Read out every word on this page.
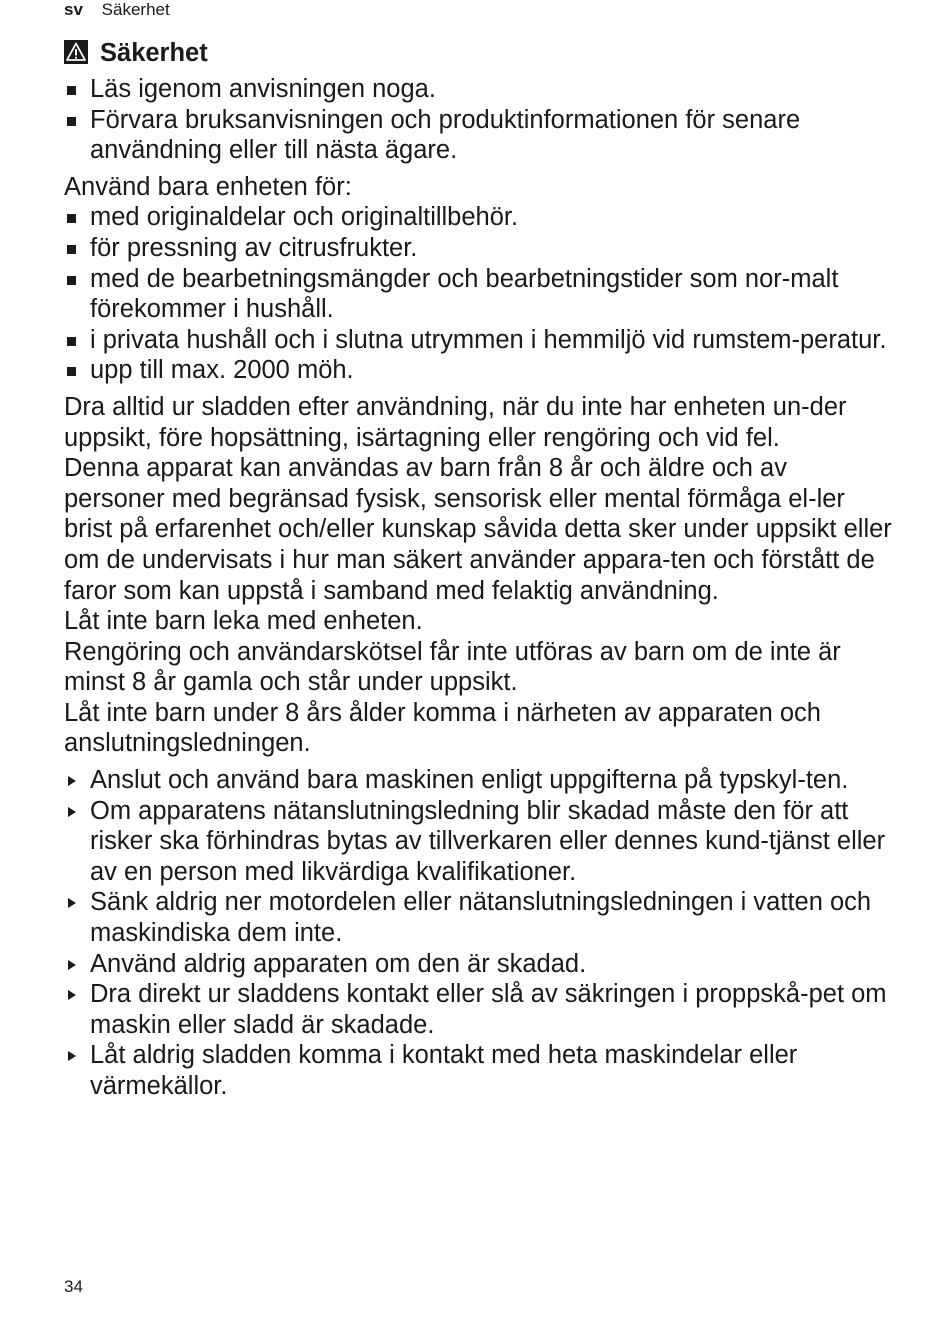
sv Säkerhet
Säkerhet
Läs igenom anvisningen noga.
Förvara bruksanvisningen och produktinformationen för senare användning eller till nästa ägare.

Använd bara enheten för:

med originaldelar och originaltillbehör.
för pressning av citrusfrukter.
med de bearbetningsmängder och bearbetningstider som nor-malt förekommer i hushåll.
i privata hushåll och i slutna utrymmen i hemmiljö vid rumstem-peratur.
upp till max. 2000 möh.

Dra alltid ur sladden efter användning, när du inte har enheten un-der uppsikt, före hopsättning, isärtagning eller rengöring och vid fel.

Denna apparat kan användas av barn från 8 år och äldre och av personer med begränsad fysisk, sensorisk eller mental förmåga el-ler brist på erfarenhet och/eller kunskap såvida detta sker under uppsikt eller om de undervisats i hur man säkert använder appara-ten och förstått de faror som kan uppstå i samband med felaktig användning.

Låt inte barn leka med enheten.

Rengöring och användarskötsel får inte utföras av barn om de inte är minst 8 år gamla och står under uppsikt.

Låt inte barn under 8 års ålder komma i närheten av apparaten och anslutningsledningen.

Anslut och använd bara maskinen enligt uppgifterna på typskyl-ten.
Om apparatens nätanslutningsledning blir skadad måste den för att risker ska förhindras bytas av tillverkaren eller dennes kund-tjänst eller av en person med likvärdiga kvalifikationer.
Sänk aldrig ner motordelen eller nätanslutningsledningen i vatten och maskindiska dem inte.
Använd aldrig apparaten om den är skadad.
Dra direkt ur sladdens kontakt eller slå av säkringen i proppskå-pet om maskin eller sladd är skadade.
Låt aldrig sladden komma i kontakt med heta maskindelar eller värmekällor.
34
